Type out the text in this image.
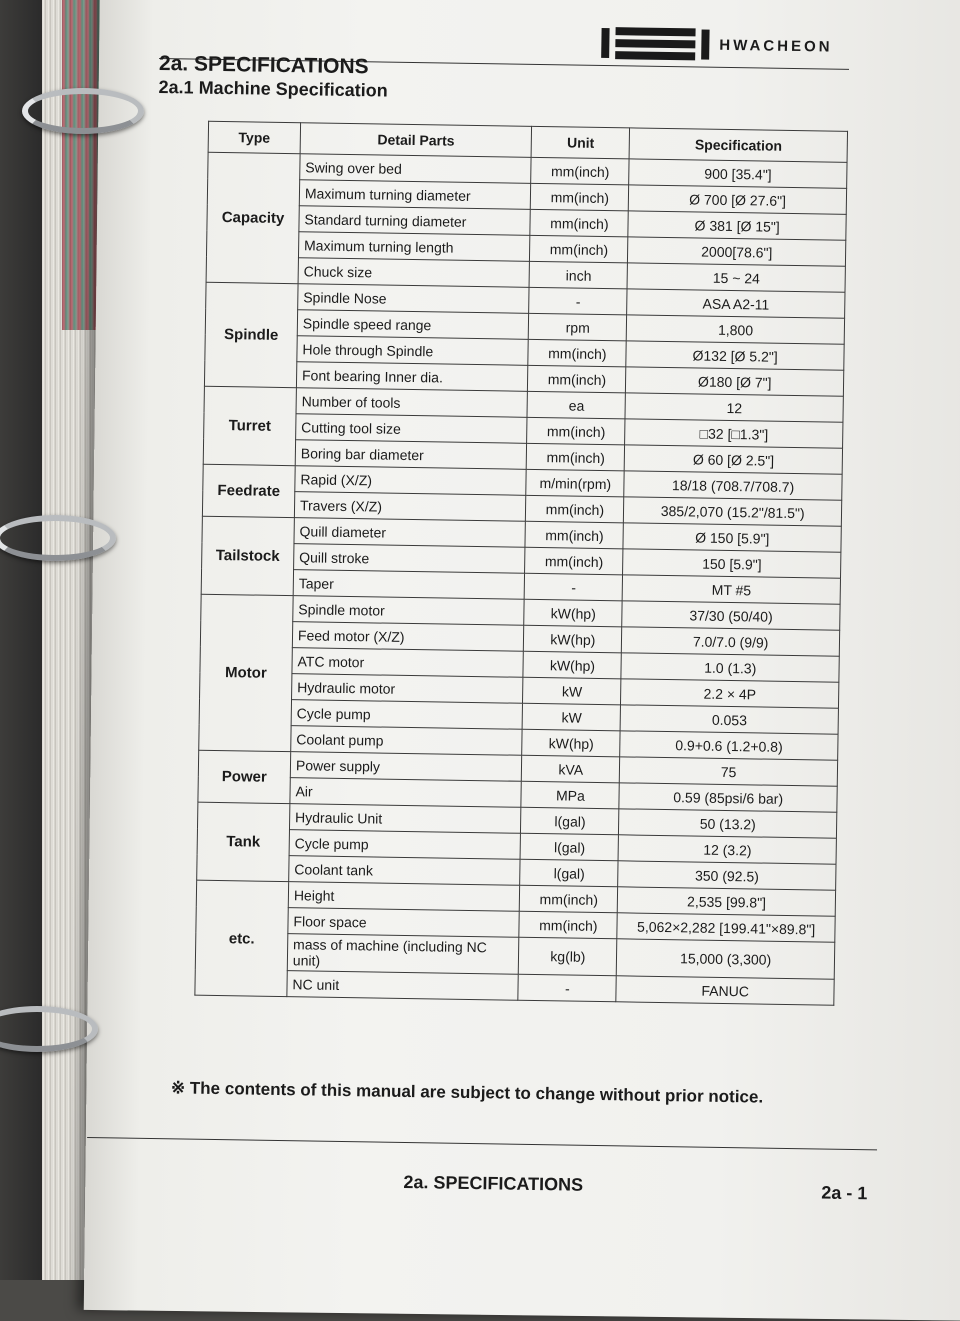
HWACHEON
2a. SPECIFICATIONS
2a.1 Machine Specification
Type	Detail Parts	Unit	Specification
Capacity	Swing over bed	mm(inch)	900 [35.4"]
	Maximum turning diameter	mm(inch)	Ø 700 [Ø 27.6"]
	Standard turning diameter	mm(inch)	Ø 381 [Ø 15"]
	Maximum turning length	mm(inch)	2000[78.6"]
	Chuck size	inch	15 ~ 24
Spindle	Spindle Nose	-	ASA A2-11
	Spindle speed range	rpm	1,800
	Hole through Spindle	mm(inch)	Ø132 [Ø 5.2"]
	Font bearing Inner dia.	mm(inch)	Ø180 [Ø 7"]
Turret	Number of tools	ea	12
	Cutting tool size	mm(inch)	□32 [□1.3"]
	Boring bar diameter	mm(inch)	Ø 60 [Ø 2.5"]
Feedrate	Rapid (X/Z)	m/min(rpm)	18/18 (708.7/708.7)
	Travers (X/Z)	mm(inch)	385/2,070 (15.2"/81.5")
Tailstock	Quill diameter	mm(inch)	Ø 150 [5.9"]
	Quill stroke	mm(inch)	150 [5.9"]
	Taper	-	MT #5
Motor	Spindle motor	kW(hp)	37/30 (50/40)
	Feed motor (X/Z)	kW(hp)	7.0/7.0 (9/9)
	ATC motor	kW(hp)	1.0 (1.3)
	Hydraulic motor	kW	2.2 × 4P
	Cycle pump	kW	0.053
	Coolant pump	kW(hp)	0.9+0.6 (1.2+0.8)
Power	Power supply	kVA	75
	Air	MPa	0.59 (85psi/6 bar)
Tank	Hydraulic Unit	l(gal)	50 (13.2)
	Cycle pump	l(gal)	12 (3.2)
	Coolant tank	l(gal)	350 (92.5)
etc.	Height	mm(inch)	2,535 [99.8"]
	Floor space	mm(inch)	5,062×2,282 [199.41"×89.8"]
	mass of machine (including NC unit)	kg(lb)	15,000 (3,300)
	NC unit	-	FANUC
※ The contents of this manual are subject to change without prior notice.
2a. SPECIFICATIONS	2a - 1
